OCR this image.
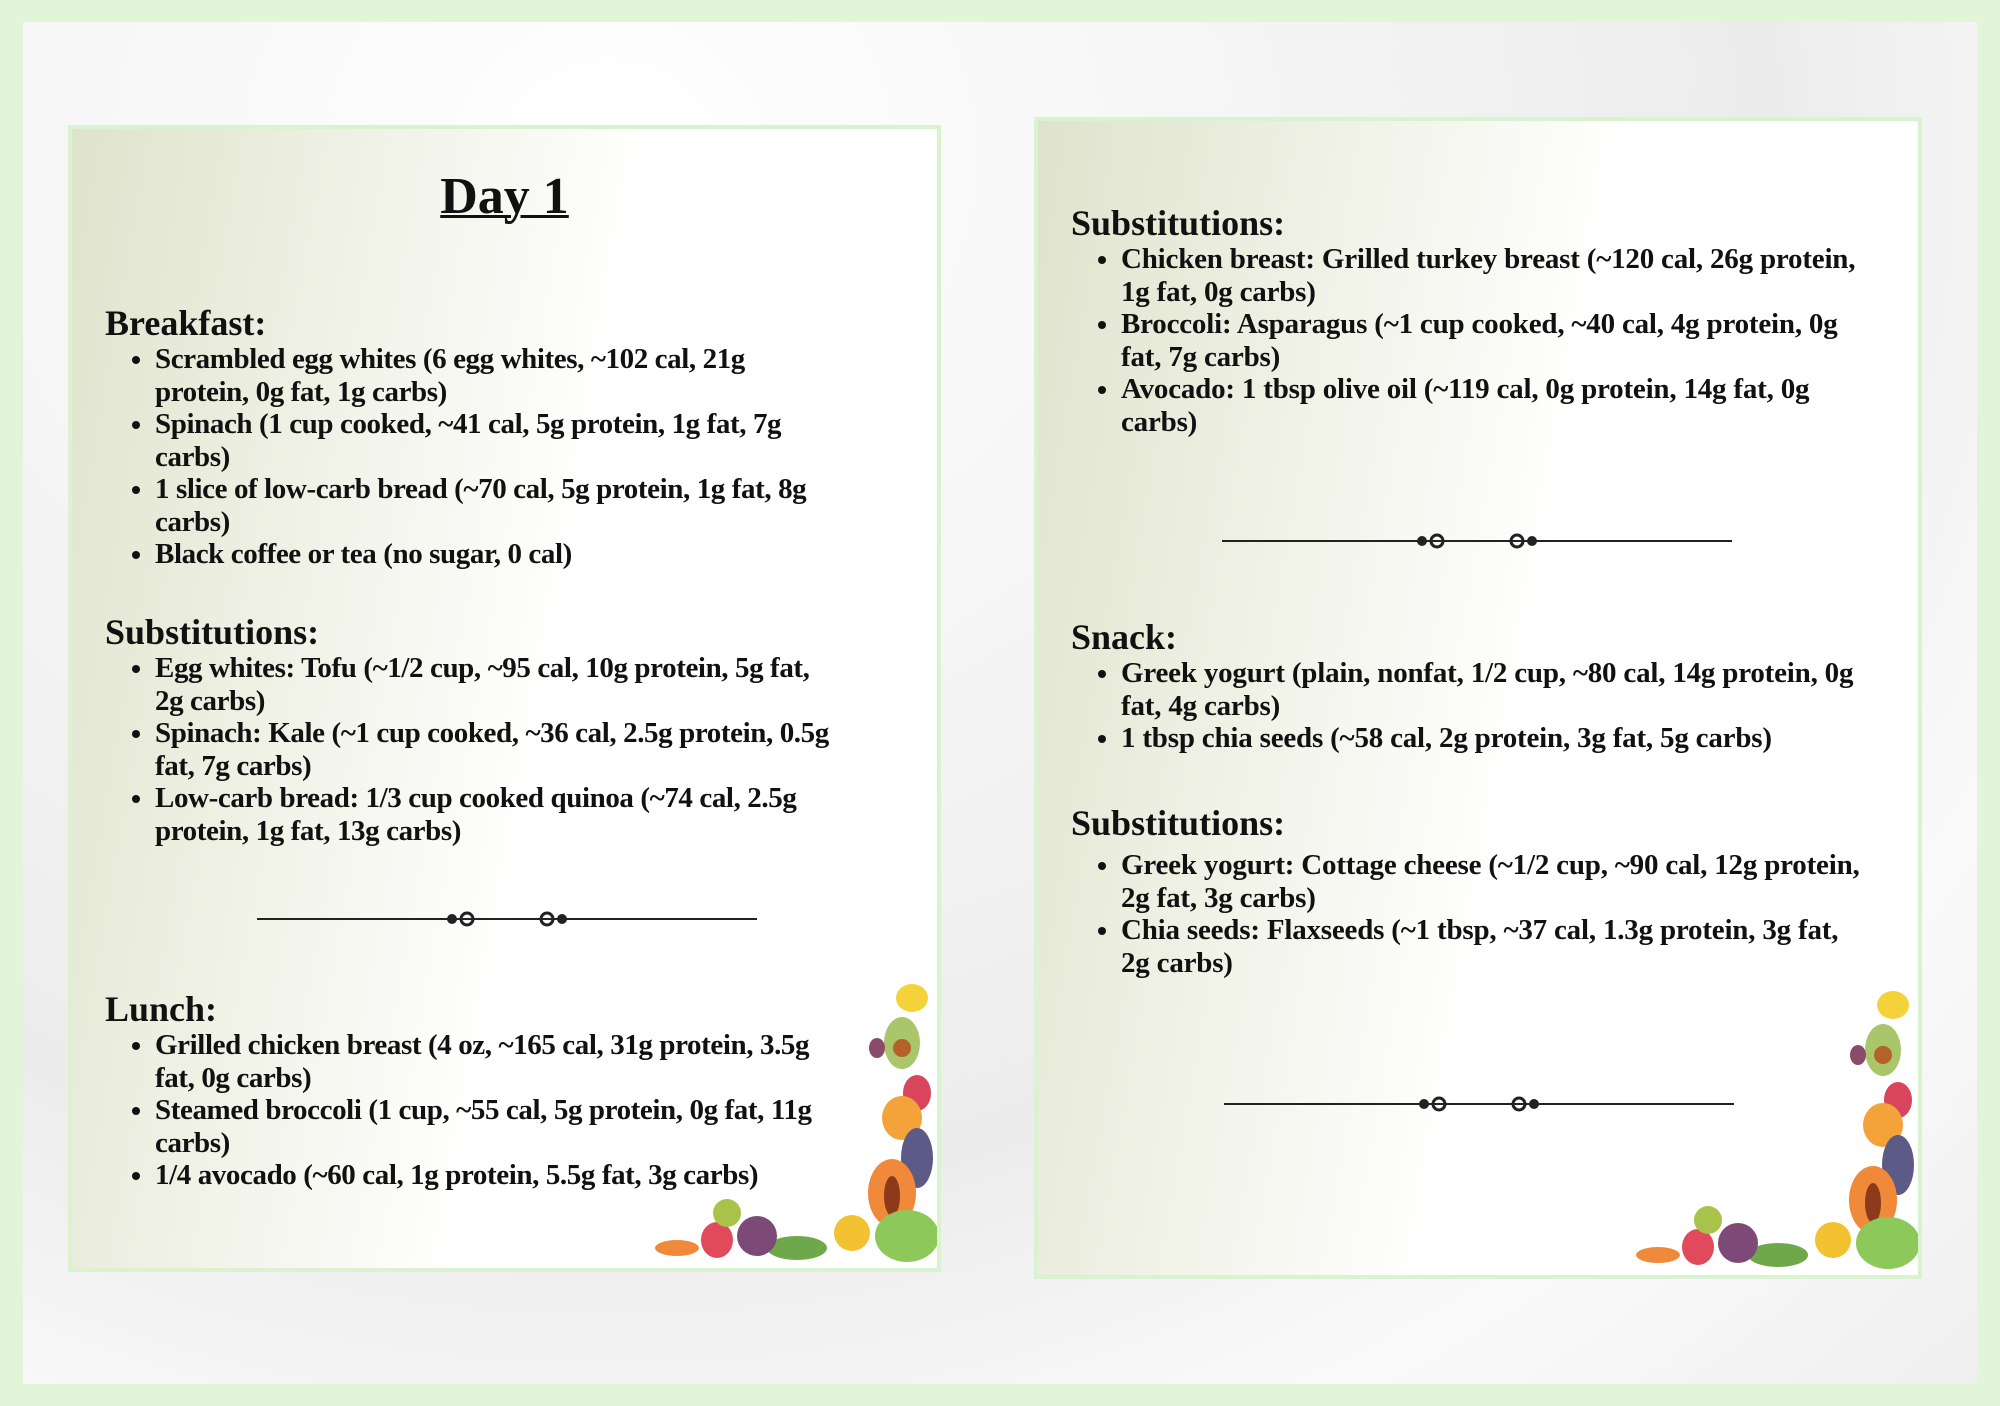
Day 1
Breakfast:
• Scrambled egg whites (6 egg whites, ~102 cal, 21g protein, 0g fat, 1g carbs)
• Spinach (1 cup cooked, ~41 cal, 5g protein, 1g fat, 7g carbs)
• 1 slice of low-carb bread (~70 cal, 5g protein, 1g fat, 8g carbs)
• Black coffee or tea (no sugar, 0 cal)
Substitutions:
• Egg whites: Tofu (~1/2 cup, ~95 cal, 10g protein, 5g fat, 2g carbs)
• Spinach: Kale (~1 cup cooked, ~36 cal, 2.5g protein, 0.5g fat, 7g carbs)
• Low-carb bread: 1/3 cup cooked quinoa (~74 cal, 2.5g protein, 1g fat, 13g carbs)
Lunch:
• Grilled chicken breast (4 oz, ~165 cal, 31g protein, 3.5g fat, 0g carbs)
• Steamed broccoli (1 cup, ~55 cal, 5g protein, 0g fat, 11g carbs)
• 1/4 avocado (~60 cal, 1g protein, 5.5g fat, 3g carbs)
Substitutions:
• Chicken breast: Grilled turkey breast (~120 cal, 26g protein, 1g fat, 0g carbs)
• Broccoli: Asparagus (~1 cup cooked, ~40 cal, 4g protein, 0g fat, 7g carbs)
• Avocado: 1 tbsp olive oil (~119 cal, 0g protein, 14g fat, 0g carbs)
Snack:
• Greek yogurt (plain, nonfat, 1/2 cup, ~80 cal, 14g protein, 0g fat, 4g carbs)
• 1 tbsp chia seeds (~58 cal, 2g protein, 3g fat, 5g carbs)
Substitutions:
• Greek yogurt: Cottage cheese (~1/2 cup, ~90 cal, 12g protein, 2g fat, 3g carbs)
• Chia seeds: Flaxseeds (~1 tbsp, ~37 cal, 1.3g protein, 3g fat, 2g carbs)
